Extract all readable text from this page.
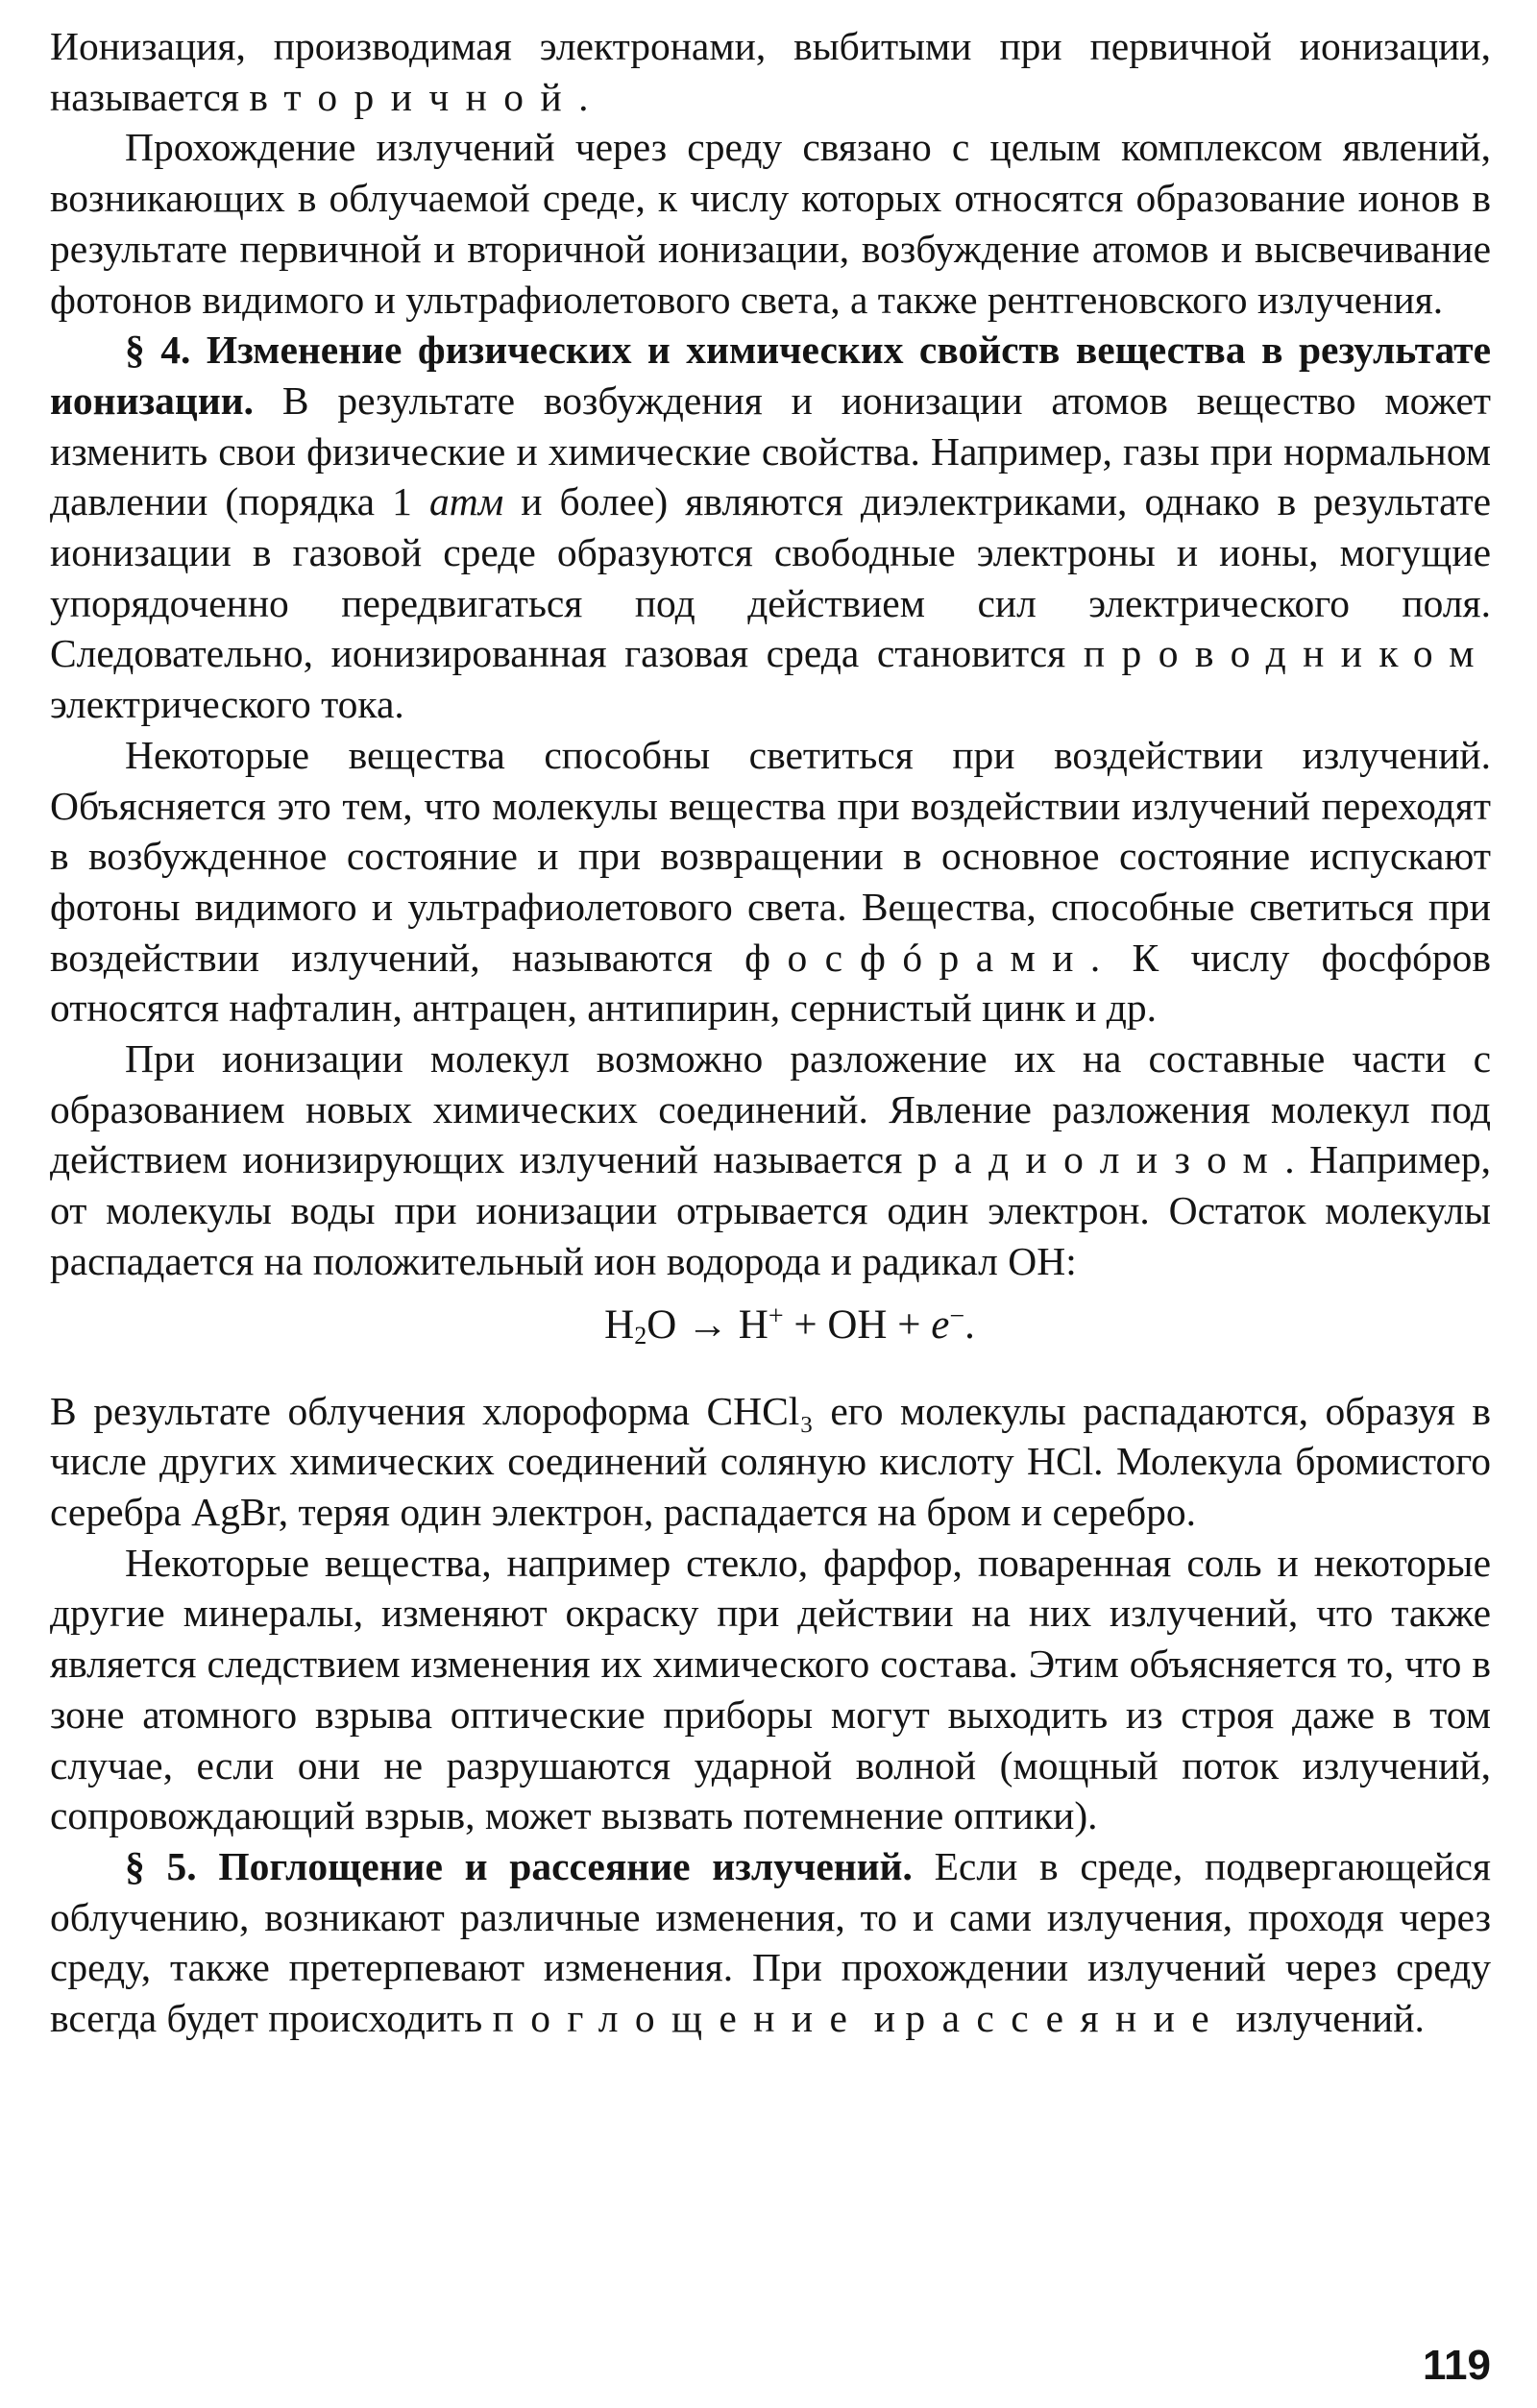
Ионизация, производимая электронами, выбитыми при первичной ионизации, называется вторичной.

Прохождение излучений через среду связано с целым комплексом явлений, возникающих в облучаемой среде, к числу которых относятся образование ионов в результате первичной и вторичной ионизации, возбуждение атомов и высвечивание фотонов видимого и ультрафиолетового света, а также рентгеновского излучения.

§ 4. Изменение физических и химических свойств вещества в результате ионизации. В результате возбуждения и ионизации атомов вещество может изменить свои физические и химические свойства. Например, газы при нормальном давлении (порядка 1 атм и более) являются диэлектриками, однако в результате ионизации в газовой среде образуются свободные электроны и ионы, могущие упорядоченно передвигаться под действием сил электрического поля. Следовательно, ионизированная газовая среда становится проводником электрического тока.

Некоторые вещества способны светиться при воздействии излучений. Объясняется это тем, что молекулы вещества при воздействии излучений переходят в возбужденное состояние и при возвращении в основное состояние испускают фотоны видимого и ультрафиолетового света. Вещества, способные светиться при воздействии излучений, называются фосфóрами. К числу фосфóров относятся нафталин, антрацен, антипирин, сернистый цинк и др.

При ионизации молекул возможно разложение их на составные части с образованием новых химических соединений. Явление разложения молекул под действием ионизирующих излучений называется радиолизом. Например, от молекулы воды при ионизации отрывается один электрон. Остаток молекулы распадается на положительный ион водорода и радикал OH:

$H_2O \to H^+$ + OH + e−.

В результате облучения хлороформа CHCl₃ его молекулы распадаются, образуя в числе других химических соединений соляную кислоту HCl. Молекула бромистого серебра AgBr, теряя один электрон, распадается на бром и серебро.

Некоторые вещества, например стекло, фарфор, поваренная соль и некоторые другие минералы, изменяют окраску при действии на них излучений, что также является следствием изменения их химического состава. Этим объясняется то, что в зоне атомного взрыва оптические приборы могут выходить из строя даже в том случае, если они не разрушаются ударной волной (мощный поток излучений, сопровождающий взрыв, может вызвать потемнение оптики).

§ 5. Поглощение и рассеяние излучений. Если в среде, подвергающейся облучению, возникают различные изменения, то и сами излучения, проходя через среду, также претерпевают изменения. При прохождении излучений через среду всегда будет происходить поглощение и рассеяние излучений.

119
